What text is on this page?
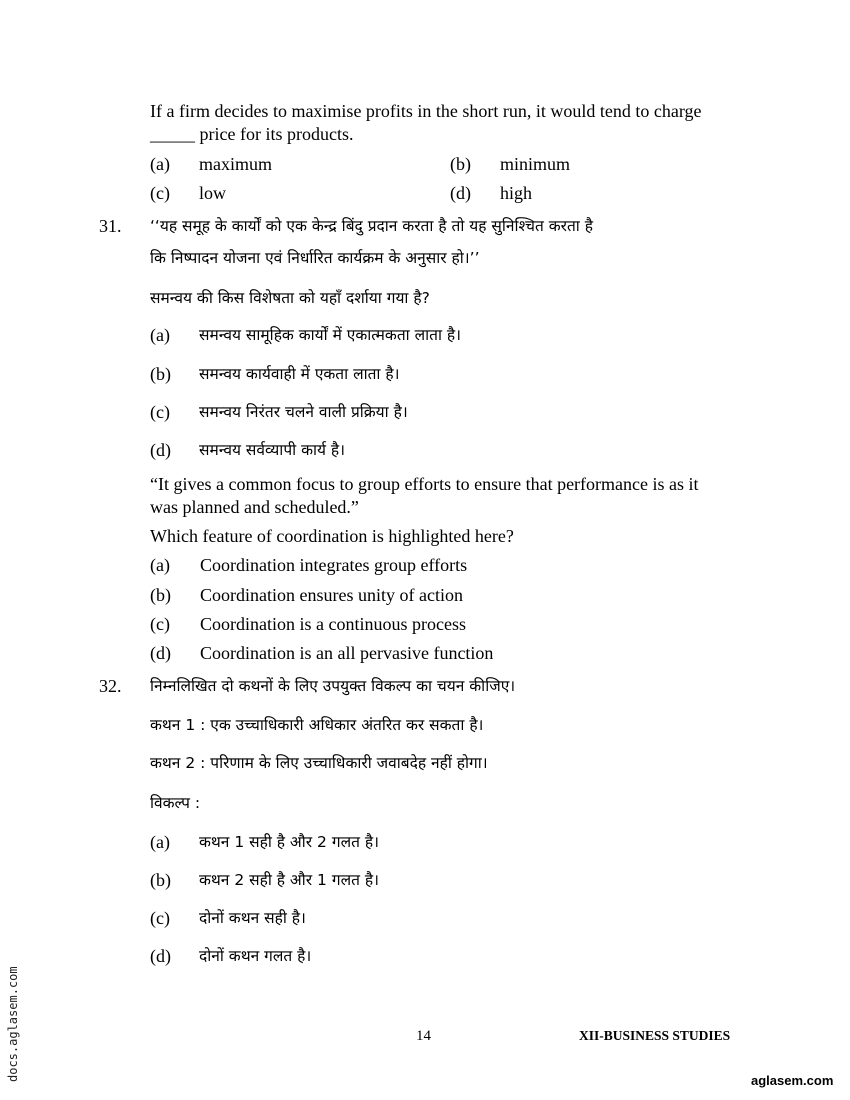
If a firm decides to maximise profits in the short run, it would tend to charge
_____ price for its products.
(a) maximum	(b) minimum
(c) low	(d) high
31. ‘‘यह समूह के कार्यों को एक केन्द्र बिंदु प्रदान करता है तो यह सुनिश्चित करता है
कि निष्पादन योजना एवं निर्धारित कार्यक्रम के अनुसार हो।’’
समन्वय की किस विशेषता को यहाँ दर्शाया गया है?
(a) समन्वय सामूहिक कार्यों में एकात्मकता लाता है।
(b) समन्वय कार्यवाही में एकता लाता है।
(c) समन्वय निरंतर चलने वाली प्रक्रिया है।
(d) समन्वय सर्वव्यापी कार्य है।
“It gives a common focus to group efforts to ensure that performance is as it
was planned and scheduled.”
Which feature of coordination is highlighted here?
(a) Coordination integrates group efforts
(b) Coordination ensures unity of action
(c) Coordination is a continuous process
(d) Coordination is an all pervasive function
32. निम्नलिखित दो कथनों के लिए उपयुक्त विकल्प का चयन कीजिए।
कथन 1 : एक उच्चाधिकारी अधिकार अंतरित कर सकता है।
कथन 2 : परिणाम के लिए उच्चाधिकारी जवाबदेह नहीं होगा।
विकल्प :
(a) कथन 1 सही है और 2 गलत है।
(b) कथन 2 सही है और 1 गलत है।
(c) दोनों कथन सही है।
(d) दोनों कथन गलत है।
14	XII-BUSINESS STUDIES
docs.aglasem.com	aglasem.com
